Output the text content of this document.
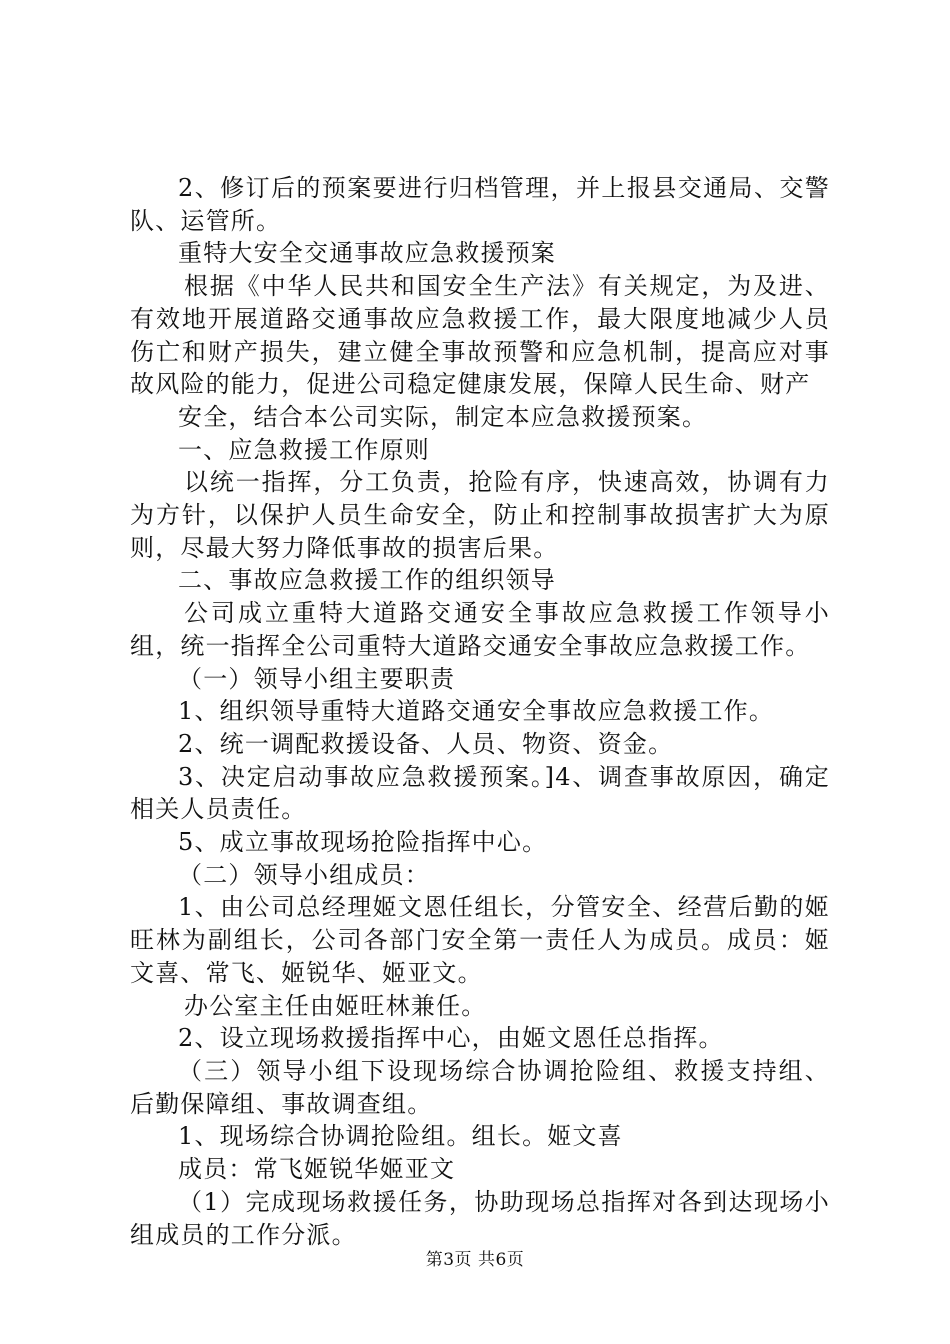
2、修订后的预案要进行归档管理，并上报县交通局、交警队、运管所。

重特大安全交通事故应急救援预案

根据《中华人民共和国安全生产法》有关规定，为及进、有效地开展道路交通事故应急救援工作，最大限度地减少人员伤亡和财产损失，建立健全事故预警和应急机制，提高应对事故风险的能力，促进公司稳定健康发展，保障人民生命、财产

安全，结合本公司实际，制定本应急救援预案。

一、应急救援工作原则

以统一指挥，分工负责，抢险有序，快速高效，协调有力为方针，以保护人员生命安全，防止和控制事故损害扩大为原则，尽最大努力降低事故的损害后果。

二、事故应急救援工作的组织领导

公司成立重特大道路交通安全事故应急救援工作领导小组，统一指挥全公司重特大道路交通安全事故应急救援工作。

（一）领导小组主要职责

1、组织领导重特大道路交通安全事故应急救援工作。

2、统一调配救援设备、人员、物资、资金。

3、决定启动事故应急救援预案。]4、调查事故原因，确定相关人员责任。

5、成立事故现场抢险指挥中心。

（二）领导小组成员：

1、由公司总经理姬文恩任组长，分管安全、经营后勤的姬旺林为副组长，公司各部门安全第一责任人为成员。成员：姬文喜、常飞、姬锐华、姬亚文。

办公室主任由姬旺林兼任。

2、设立现场救援指挥中心，由姬文恩任总指挥。

（三）领导小组下设现场综合协调抢险组、救援支持组、后勤保障组、事故调查组。

1、现场综合协调抢险组。组长。姬文喜

成员：常飞姬锐华姬亚文

（1）完成现场救援任务，协助现场总指挥对各到达现场小组成员的工作分派。

第3页 共6页
